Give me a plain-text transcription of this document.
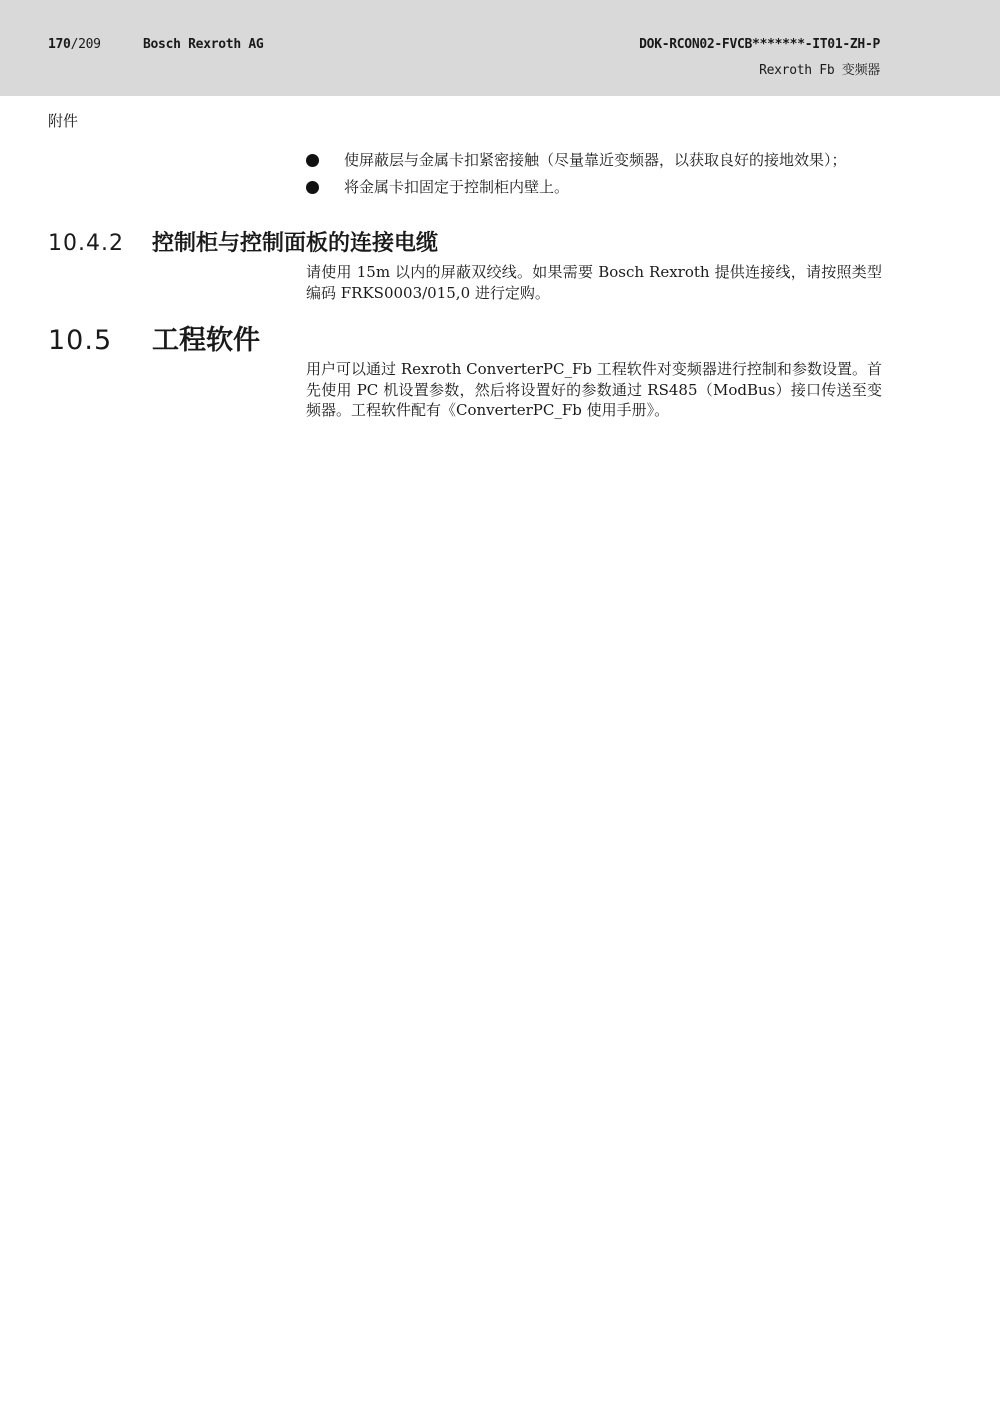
170/209	Bosch Rexroth AG	DOK-RCON02-FVCB*******-IT01-ZH-P
Rexroth Fb 变频器
附件
使屏蔽层与金属卡扣紧密接触（尽量靠近变频器，以获取良好的接地效果）；
将金属卡扣固定于控制柜内壁上。
10.4.2 控制柜与控制面板的连接电缆

请使用 15m 以内的屏蔽双绞线。如果需要 Bosch Rexroth 提供连接线，请按照类型编码 FRKS0003/015,0 进行定购。

10.5 工程软件

用户可以通过 Rexroth ConverterPC_Fb 工程软件对变频器进行控制和参数设置。首先使用 PC 机设置参数，然后将设置好的参数通过 RS485（ModBus）接口传送至变频器。工程软件配有《ConverterPC_Fb 使用手册》。
